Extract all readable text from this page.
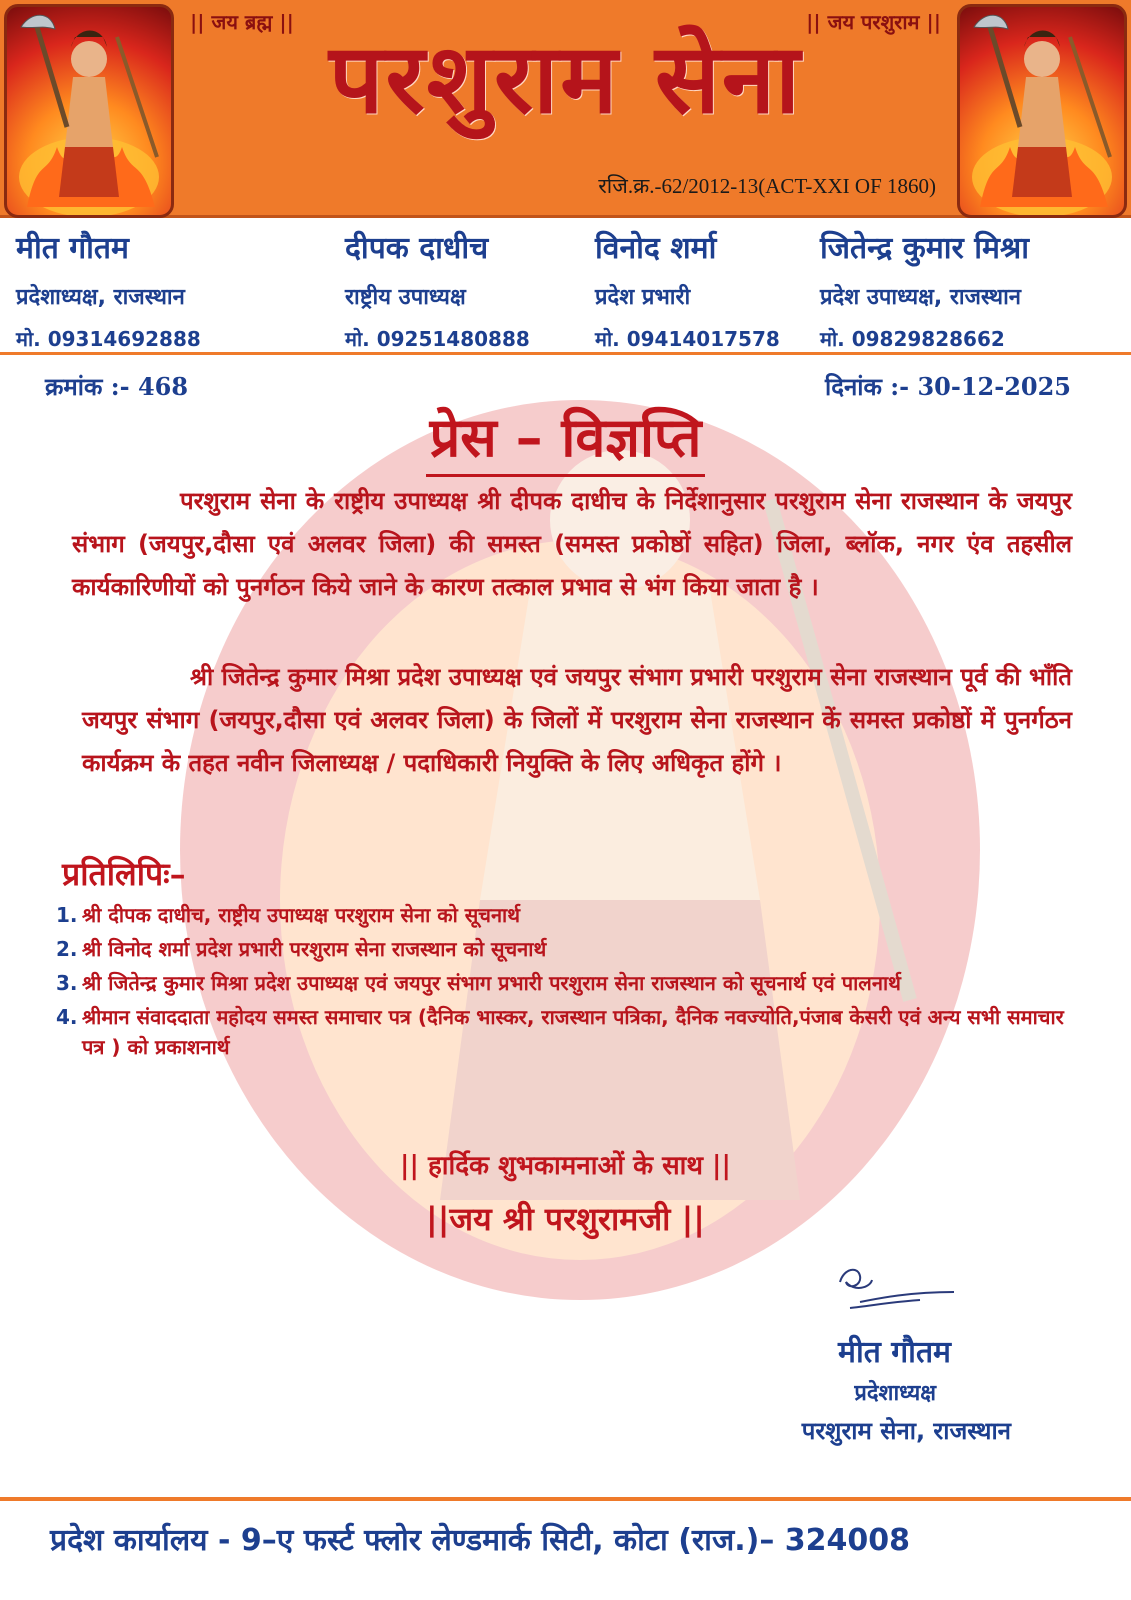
|| जय ब्रह्म ||	|| जय परशुराम ||
परशुराम सेना
रजि.क्र.-62/2012-13(ACT-XXI OF 1860)
मीत गौतम
प्रदेशाध्यक्ष, राजस्थान
मो. 09314692888
दीपक दाधीच
राष्ट्रीय उपाध्यक्ष
मो. 09251480888
विनोद शर्मा
प्रदेश प्रभारी
मो. 09414017578
जितेन्द्र कुमार मिश्रा
प्रदेश उपाध्यक्ष, राजस्थान
मो. 09829828662
क्रमांक :- 468	दिनांक :- 30-12-2025
प्रेस – विज्ञप्ति
परशुराम सेना के राष्ट्रीय उपाध्यक्ष श्री दीपक दाधीच के निर्देशानुसार परशुराम सेना राजस्थान के जयपुर संभाग (जयपुर,दौसा एवं अलवर जिला) की समस्त (समस्त प्रकोष्ठों सहित) जिला, ब्लॉक, नगर एंव तहसील कार्यकारिणीयों को पुनर्गठन किये जाने के कारण तत्काल प्रभाव से भंग किया जाता है ।
श्री जितेन्द्र कुमार मिश्रा प्रदेश उपाध्यक्ष एवं जयपुर संभाग प्रभारी परशुराम सेना राजस्थान पूर्व की भाँति जयपुर संभाग (जयपुर,दौसा एवं अलवर जिला) के जिलों में परशुराम सेना राजस्थान कें समस्त प्रकोष्ठों में पुनर्गठन कार्यक्रम के तहत नवीन जिलाध्यक्ष / पदाधिकारी नियुक्ति के लिए अधिकृत होंगे ।
प्रतिलिपिः–
1. श्री दीपक दाधीच, राष्ट्रीय उपाध्यक्ष परशुराम सेना को सूचनार्थ
2. श्री विनोद शर्मा प्रदेश प्रभारी परशुराम सेना राजस्थान को सूचनार्थ
3. श्री जितेन्द्र कुमार मिश्रा प्रदेश उपाध्यक्ष एवं जयपुर संभाग प्रभारी परशुराम सेना राजस्थान को सूचनार्थ एवं पालनार्थ
4. श्रीमान संवाददाता महोदय समस्त समाचार पत्र (दैनिक भास्कर, राजस्थान पत्रिका, दैनिक नवज्योति,पंजाब केसरी एवं अन्य सभी समाचार पत्र ) को प्रकाशनार्थ
|| हार्दिक शुभकामनाओं के साथ ||
||जय श्री परशुरामजी ||
मीत गौतम
प्रदेशाध्यक्ष
परशुराम सेना, राजस्थान
प्रदेश कार्यालय - 9–ए फर्स्ट फ्लोर लेण्डमार्क सिटी, कोटा (राज.)– 324008
